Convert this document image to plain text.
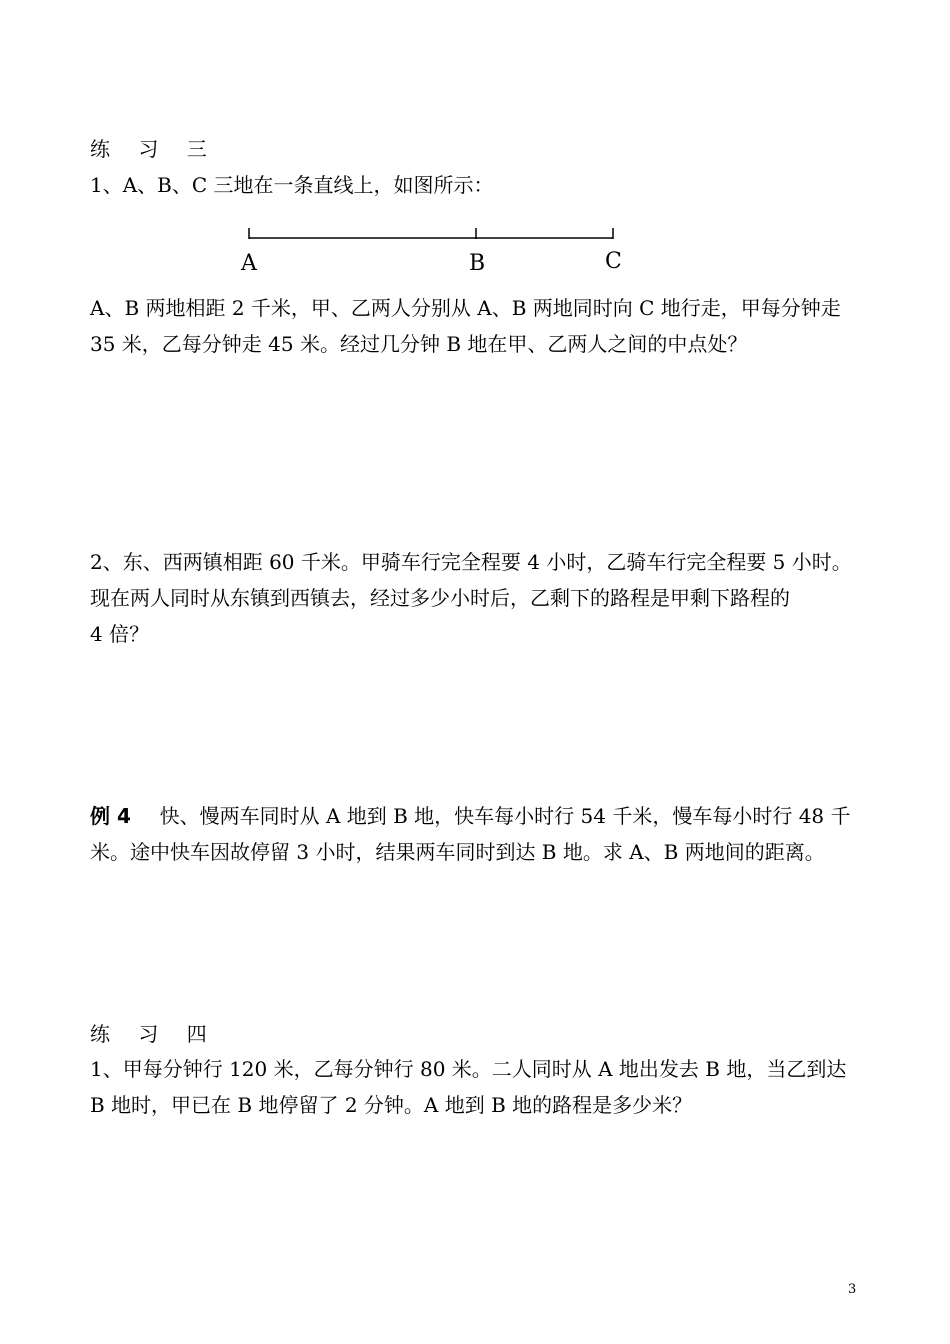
练 习 三
1、A、B、C 三地在一条直线上，如图所示：
A	B	C
A、B 两地相距 2 千米，甲、乙两人分别从 A、B 两地同时向 C 地行走，甲每分钟走
35 米，乙每分钟走 45 米。经过几分钟 B 地在甲、乙两人之间的中点处？
2、东、西两镇相距 60 千米。甲骑车行完全程要 4 小时，乙骑车行完全程要 5 小时。
现在两人同时从东镇到西镇去，经过多少小时后，乙剩下的路程是甲剩下路程的
4 倍？
例 4 快、慢两车同时从 A 地到 B 地，快车每小时行 54 千米，慢车每小时行 48 千
米。途中快车因故停留 3 小时，结果两车同时到达 B 地。求 A、B 两地间的距离。
练 习 四
1、甲每分钟行 120 米，乙每分钟行 80 米。二人同时从 A 地出发去 B 地，当乙到达
B 地时，甲已在 B 地停留了 2 分钟。A 地到 B 地的路程是多少米？
3
